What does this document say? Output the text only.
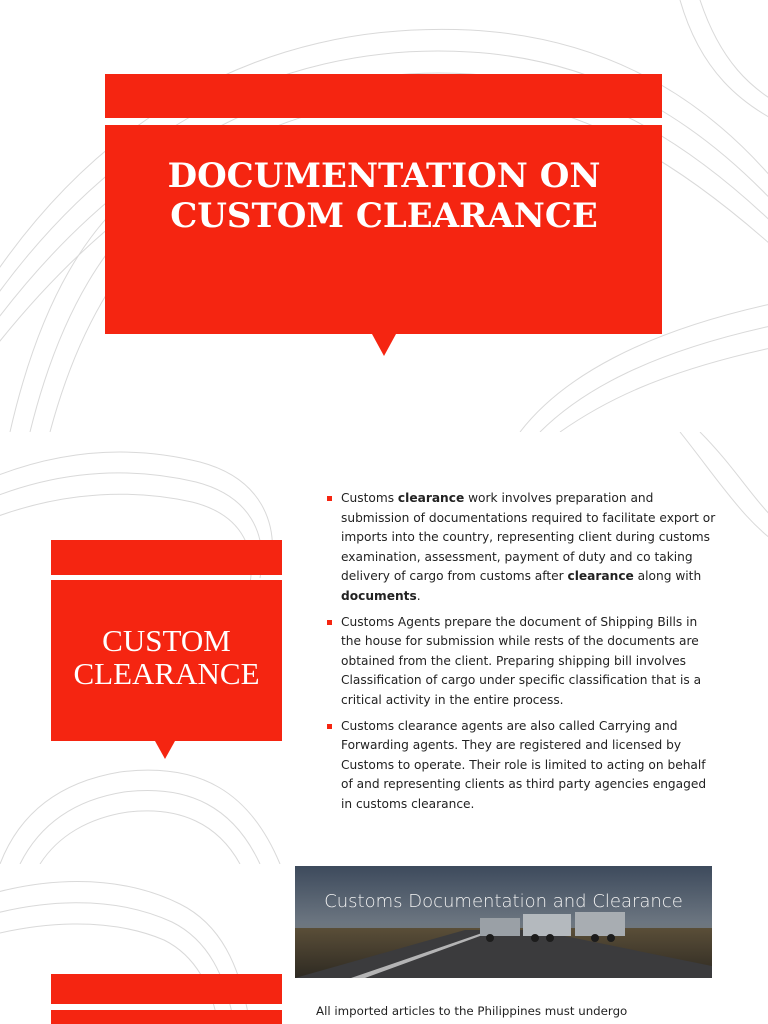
DOCUMENTATION ON CUSTOM CLEARANCE
CUSTOM CLEARANCE
Customs clearance work involves preparation and submission of documentations required to facilitate export or imports into the country, representing client during customs examination, assessment, payment of duty and co taking delivery of cargo from customs after clearance along with documents.
Customs Agents prepare the document of Shipping Bills in the house for submission while rests of the documents are obtained from the client. Preparing shipping bill involves Classification of cargo under specific classification that is a critical activity in the entire process.
Customs clearance agents are also called Carrying and Forwarding agents. They are registered and licensed by Customs to operate. Their role is limited to acting on behalf of and representing clients as third party agencies engaged in customs clearance.
Customs Documentation and Clearance
All imported articles to the Philippines must undergo
